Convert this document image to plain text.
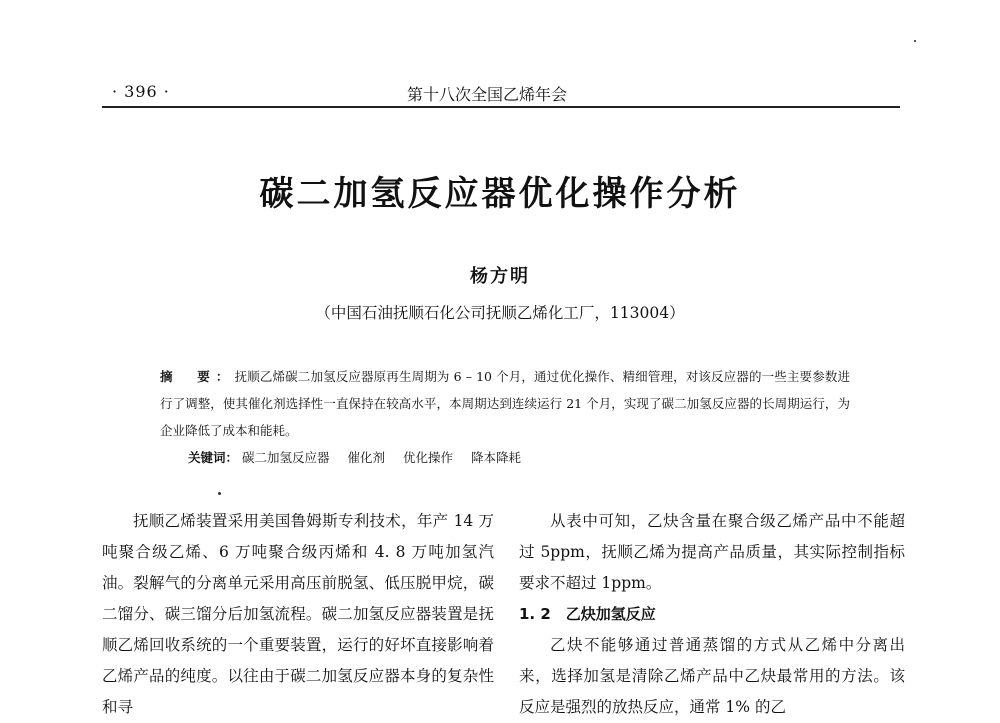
· 396 ·	第十八次全国乙烯年会
碳二加氢反应器优化操作分析
杨方明
（中国石油抚顺石化公司抚顺乙烯化工厂，113004）
摘　要：抚顺乙烯碳二加氢反应器原再生周期为 6 – 10 个月，通过优化操作、精细管理，对该反应器的一些主要参数进行了调整，使其催化剂选择性一直保持在较高水平，本周期达到连续运行 21 个月，实现了碳二加氢反应器的长周期运行，为企业降低了成本和能耗。
关键词： 碳二加氢反应器 催化剂 优化操作 降本降耗

抚顺乙烯装置采用美国鲁姆斯专利技术，年产 14 万吨聚合级乙烯、6 万吨聚合级丙烯和 4. 8 万吨加氢汽油。裂解气的分离单元采用高压前脱氢、低压脱甲烷，碳二馏分、碳三馏分后加氢流程。碳二加氢反应器装置是抚顺乙烯回收系统的一个重要装置，运行的好坏直接影响着乙烯产品的纯度。以往由于碳二加氢反应器本身的复杂性和寻

从表中可知，乙炔含量在聚合级乙烯产品中不能超过 5ppm，抚顺乙烯为提高产品质量，其实际控制指标要求不超过 1ppm。

1. 2　乙炔加氢反应

乙炔不能够通过普通蒸馏的方式从乙烯中分离出来，选择加氢是清除乙烯产品中乙炔最常用的方法。该反应是强烈的放热反应，通常 1% 的乙
